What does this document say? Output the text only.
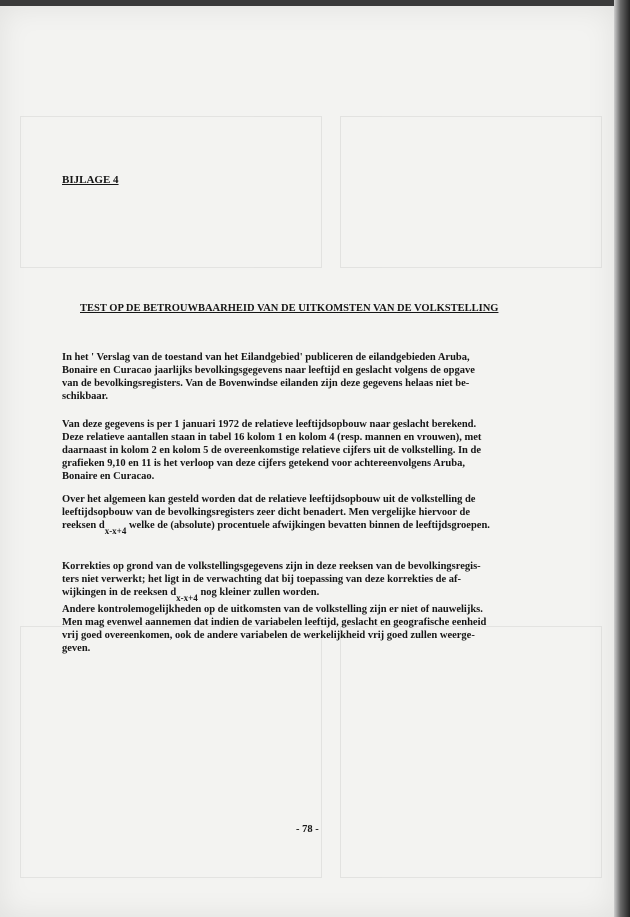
BIJLAGE 4
TEST OP DE BETROUWBAARHEID VAN DE UITKOMSTEN VAN DE VOLKSTELLING
In het ' Verslag van de toestand van het Eilandgebied' publiceren de eilandgebieden Aruba,
Bonaire en Curacao jaarlijks bevolkingsgegevens naar leeftijd en geslacht volgens de opgave
van de bevolkingsregisters. Van de Bovenwindse eilanden zijn deze gegevens helaas niet be-
schikbaar.
Van deze gegevens is per 1 januari 1972 de relatieve leeftijdsopbouw naar geslacht berekend.
Deze relatieve aantallen staan in tabel 16 kolom 1 en kolom 4 (resp. mannen en vrouwen), met
daarnaast in kolom 2 en kolom 5 de overeenkomstige relatieve cijfers uit de volkstelling. In de
grafieken 9,10 en 11 is het verloop van deze cijfers getekend voor achtereenvolgens Aruba,
Bonaire en Curacao.
Over het algemeen kan gesteld worden dat de relatieve leeftijdsopbouw uit de volkstelling de
leeftijdsopbouw van de bevolkingsregisters zeer dicht benadert. Men vergelijke hiervoor de
reeksen $d_{x-x+4}$ welke de (absolute) procentuele afwijkingen bevatten binnen de leeftijdsgroepen.
Korrekties op grond van de volkstellingsgegevens zijn in deze reeksen van de bevolkingsregis-
ters niet verwerkt; het ligt in de verwachting dat bij toepassing van deze korrekties de af-
wijkingen in de reeksen $d_{x-x+4}$ nog kleiner zullen worden.
Andere kontrolemogelijkheden op de uitkomsten van de volkstelling zijn er niet of nauwelijks.
Men mag evenwel aannemen dat indien de variabelen leeftijd, geslacht en geografische eenheid
vrij goed overeenkomen, ook de andere variabelen de werkelijkheid vrij goed zullen weerge-
geven.
- 78 -
